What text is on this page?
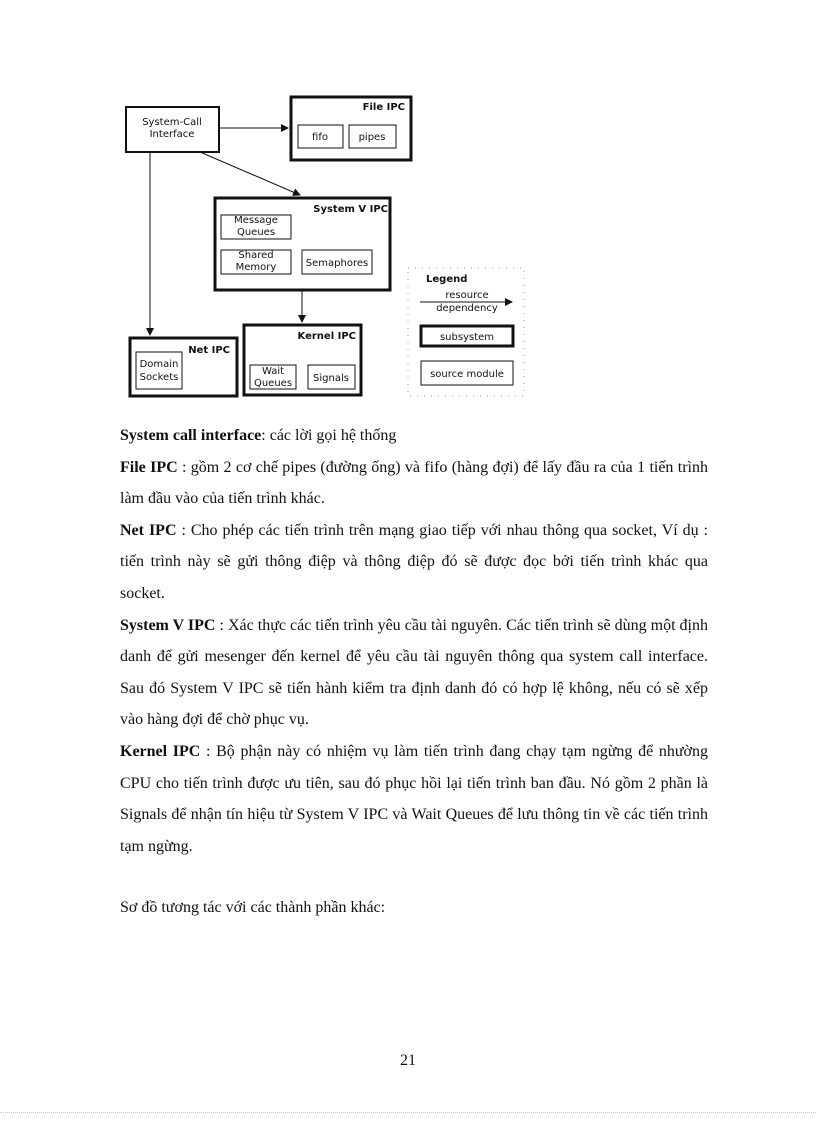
System-Call
Interface
File IPC
fifo	pipes
System V IPC
Message
Queues
Shared
Memory	Semaphores
Net IPC
Domain
Sockets
Kernel IPC
Wait
Queues Signals
Legend
resource
dependency
subsystem
source module

System call interface: các lời gọi hệ thống

File IPC : gồm 2 cơ chế pipes (đường ống) và fifo (hàng đợi) để lấy đầu ra của 1 tiến trình làm đầu vào của tiến trình khác.

Net IPC : Cho phép các tiến trình trên mạng giao tiếp với nhau thông qua socket, Ví dụ : tiến trình này sẽ gửi thông điệp và thông điệp đó sẽ được đọc bởi tiến trình khác qua socket.

System V IPC : Xác thực các tiến trình yêu cầu tài nguyên. Các tiến trình sẽ dùng một định danh để gửi mesenger đến kernel để yêu cầu tài nguyên thông qua system call interface. Sau đó System V IPC sẽ tiến hành kiểm tra định danh đó có hợp lệ không, nếu có sẽ xếp vào hàng đợi để chờ phục vụ.

Kernel IPC : Bộ phận này có nhiệm vụ làm tiến trình đang chạy tạm ngừng để nhường CPU cho tiến trình được ưu tiên, sau đó phục hồi lại tiến trình ban đầu. Nó gồm 2 phần là Signals để nhận tín hiệu từ System V IPC và Wait Queues để lưu thông tin về các tiến trình tạm ngừng.

Sơ đồ tương tác với các thành phần khác:

21
